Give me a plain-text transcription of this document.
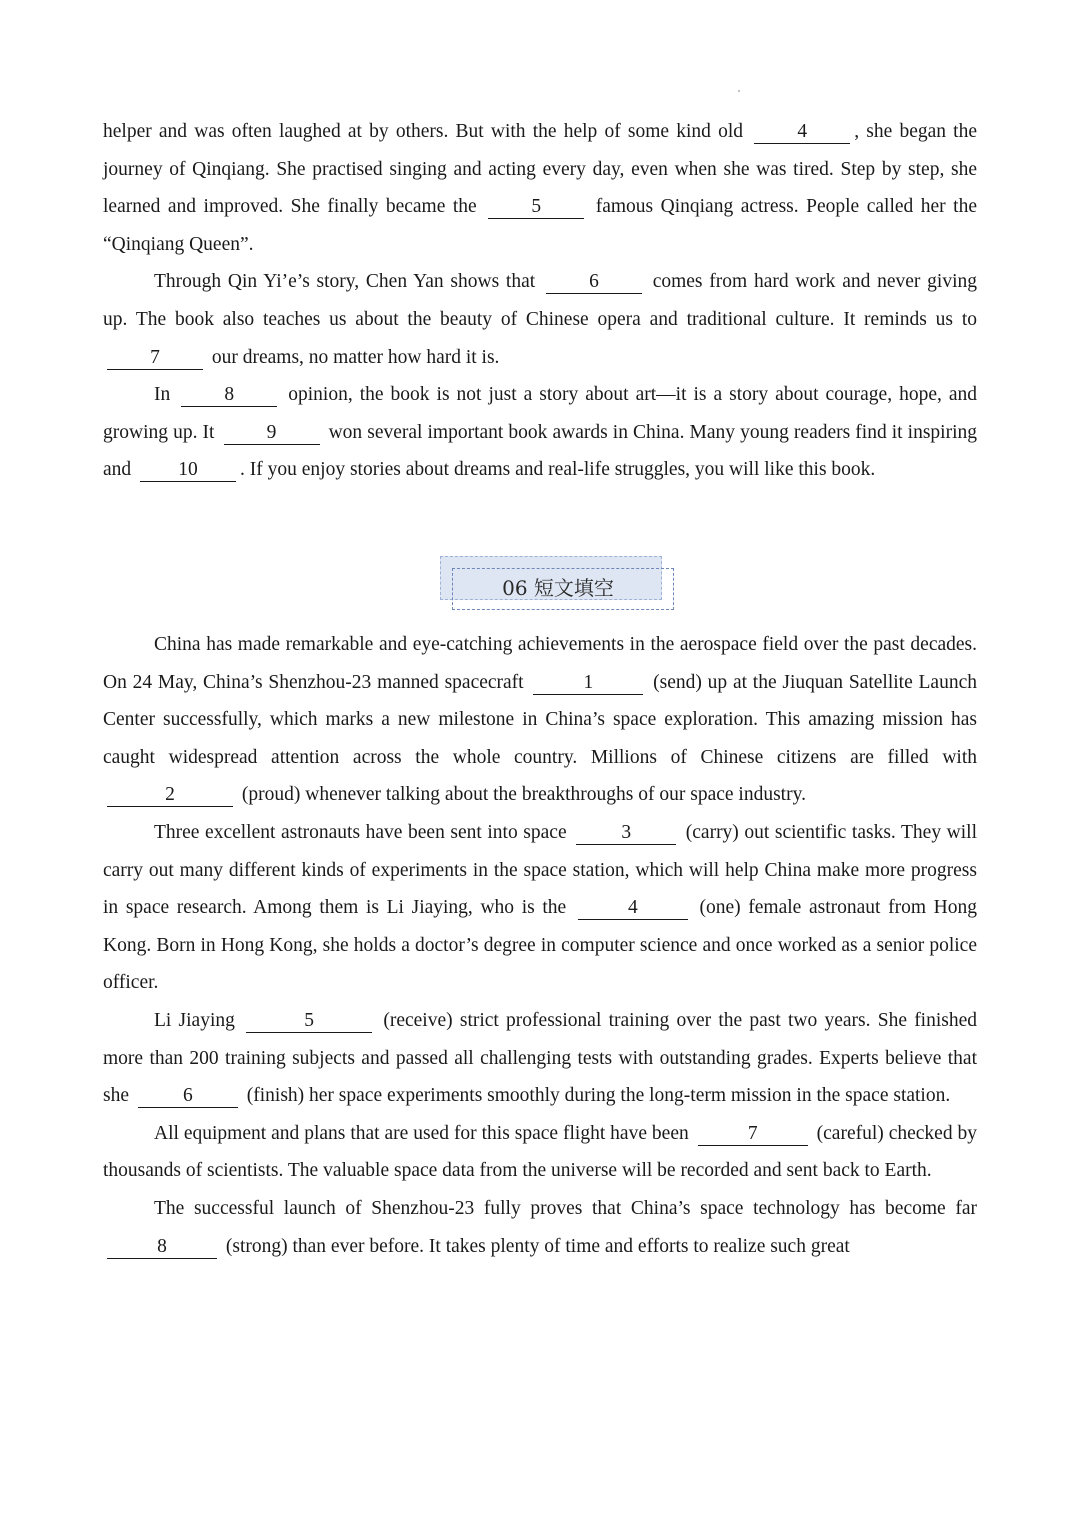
helper and was often laughed at by others. But with the help of some kind old	4 , she began the journey of Qinqiang. She practised singing and acting every day, even when she was tired. Step by step, she learned and improved. She finally became the	5	famous Qinqiang actress. People called her the “Qinqiang Queen”.

Through Qin Yi’e’s story, Chen Yan shows that	6	comes from hard work and never giving up. The book also teaches us about the beauty of Chinese opera and traditional culture. It reminds us to 7	our dreams, no matter how hard it is.

In	8	opinion, the book is not just a story about art—it is a story about courage, hope, and growing up. It	9	won several important book awards in China. Many young readers find it inspiring and 10 . If you enjoy stories about dreams and real-life struggles, you will like this book.

06 短文填空

China has made remarkable and eye-catching achievements in the aerospace field over the past decades. On 24 May, China’s Shenzhou-23 manned spacecraft	1	(send) up at the Jiuquan Satellite Launch Center successfully, which marks a new milestone in China’s space exploration. This amazing mission has caught widespread attention across the whole country. Millions of Chinese citizens are filled with 2	(proud) whenever talking about the breakthroughs of our space industry.

Three excellent astronauts have been sent into space	3	(carry) out scientific tasks. They will carry out many different kinds of experiments in the space station, which will help China make more progress in space research. Among them is Li Jiaying, who is the	4	(one) female astronaut from Hong Kong. Born in Hong Kong, she holds a doctor’s degree in computer science and once worked as a senior police officer.

Li Jiaying	5	(receive) strict professional training over the past two years. She finished more than 200 training subjects and passed all challenging tests with outstanding grades. Experts believe that she	6	(finish) her space experiments smoothly during the long-term mission in the space station.

All equipment and plans that are used for this space flight have been	7	(careful) checked by thousands of scientists. The valuable space data from the universe will be recorded and sent back to Earth.

The successful launch of Shenzhou-23 fully proves that China’s space technology has become far 8	(strong) than ever before. It takes plenty of time and efforts to realize such great
